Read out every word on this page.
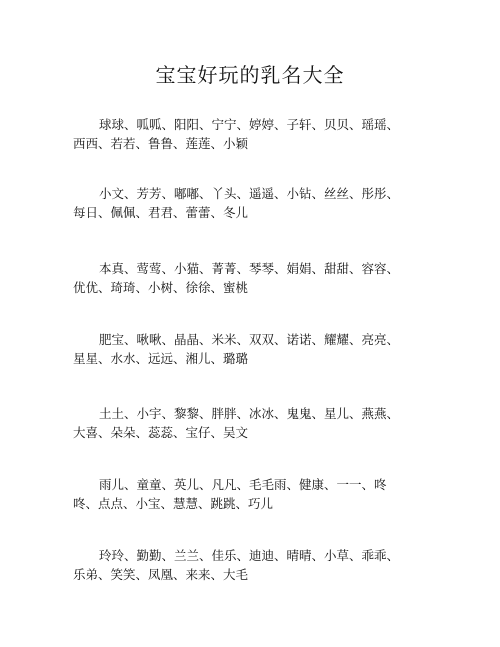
宝宝好玩的乳名大全

球球、呱呱、阳阳、宁宁、婷婷、子轩、贝贝、瑶瑶、西西、若若、鲁鲁、莲莲、小颖

小文、芳芳、嘟嘟、丫头、遥遥、小钻、丝丝、彤彤、每日、佩佩、君君、蕾蕾、冬儿

本真、莺莺、小猫、菁菁、琴琴、娟娟、甜甜、容容、优优、琦琦、小树、徐徐、蜜桃

肥宝、啾啾、晶晶、米米、双双、诺诺、耀耀、亮亮、星星、水水、远远、湘儿、璐璐

土土、小宇、黎黎、胖胖、冰冰、鬼鬼、星儿、燕燕、大喜、朵朵、蕊蕊、宝仔、吴文

雨儿、童童、英儿、凡凡、毛毛雨、健康、一一、咚咚、点点、小宝、慧慧、跳跳、巧儿

玲玲、勤勤、兰兰、佳乐、迪迪、晴晴、小草、乖乖、乐弟、笑笑、凤凰、来来、大毛
